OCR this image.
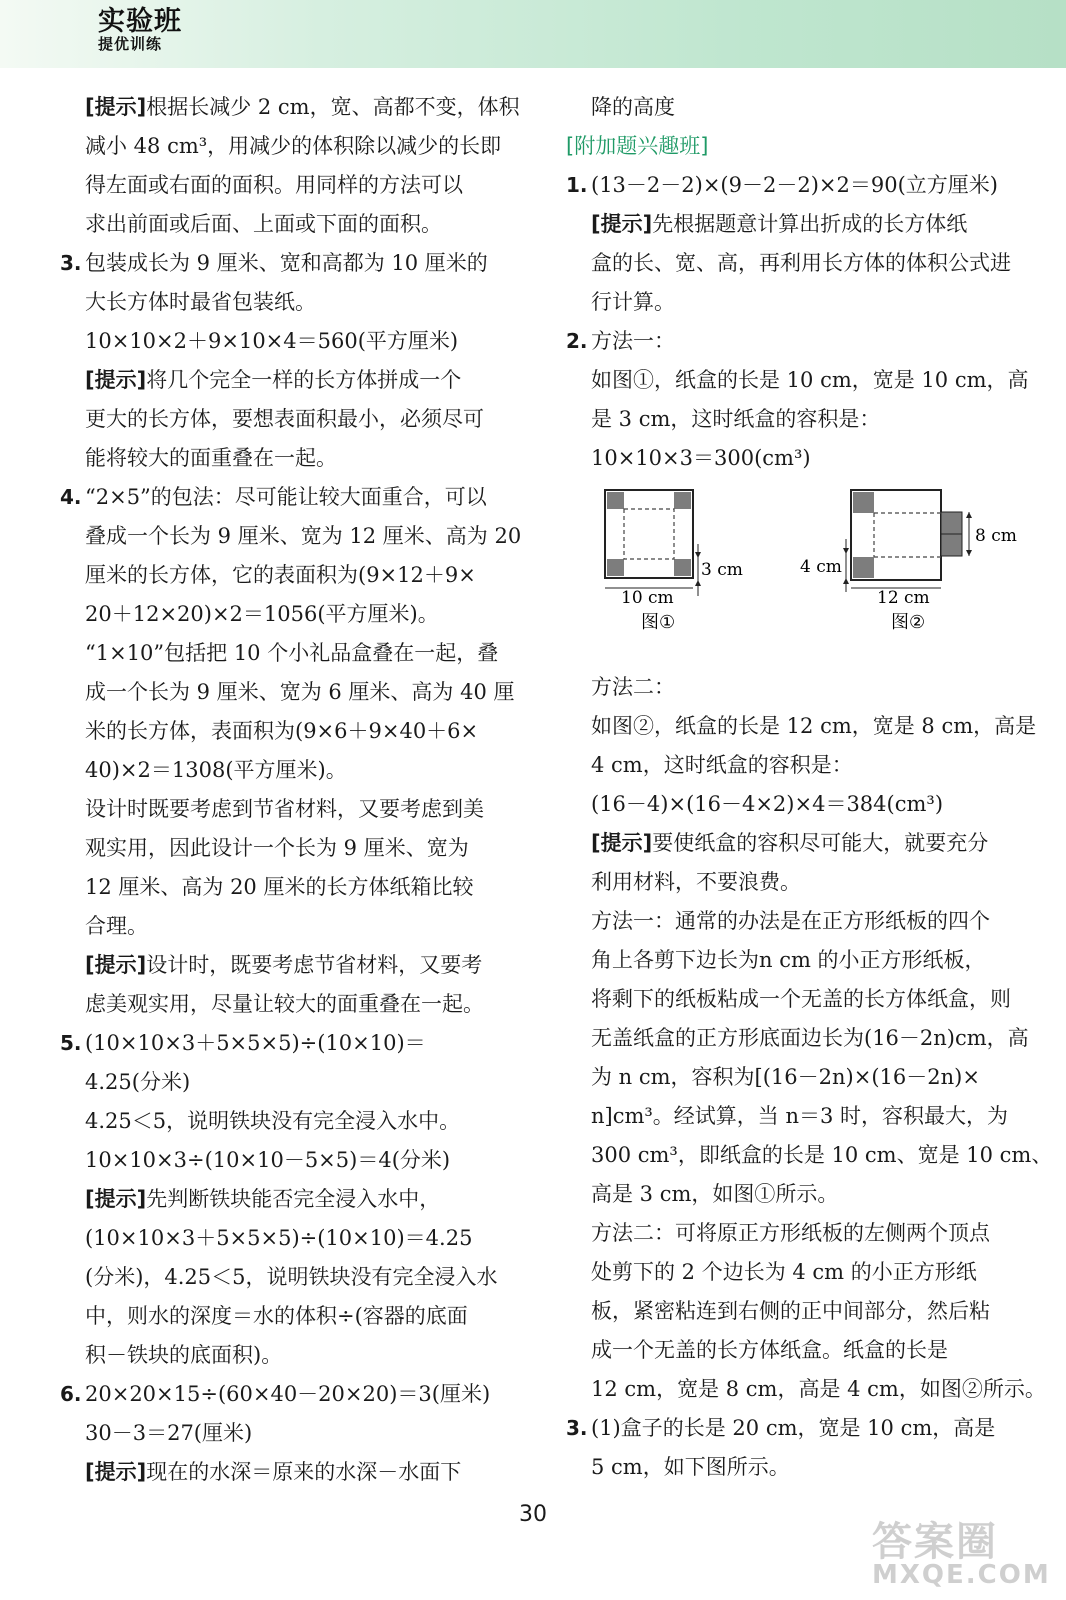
实验班
提优训练
[提示]根据长减少 2 cm，宽、高都不变，体积
减小 48 cm³，用减少的体积除以减少的长即
得左面或右面的面积。用同样的方法可以
求出前面或后面、上面或下面的面积。
3. 包装成长为 9 厘米、宽和高都为 10 厘米的
大长方体时最省包装纸。
10×10×2＋9×10×4＝560(平方厘米)
[提示]将几个完全一样的长方体拼成一个
更大的长方体，要想表面积最小，必须尽可
能将较大的面重叠在一起。
4. “2×5”的包法：尽可能让较大面重合，可以
叠成一个长为 9 厘米、宽为 12 厘米、高为 20
厘米的长方体，它的表面积为(9×12＋9×
20＋12×20)×2＝1056(平方厘米)。
“1×10”包括把 10 个小礼品盒叠在一起，叠
成一个长为 9 厘米、宽为 6 厘米、高为 40 厘
米的长方体，表面积为(9×6＋9×40＋6×
40)×2＝1308(平方厘米)。
设计时既要考虑到节省材料，又要考虑到美
观实用，因此设计一个长为 9 厘米、宽为
12 厘米、高为 20 厘米的长方体纸箱比较
合理。
[提示]设计时，既要考虑节省材料，又要考
虑美观实用，尽量让较大的面重叠在一起。
5. (10×10×3＋5×5×5)÷(10×10)＝
4.25(分米)
4.25＜5，说明铁块没有完全浸入水中。
10×10×3÷(10×10－5×5)＝4(分米)
[提示]先判断铁块能否完全浸入水中，
(10×10×3＋5×5×5)÷(10×10)＝4.25
(分米)，4.25＜5，说明铁块没有完全浸入水
中，则水的深度＝水的体积÷(容器的底面
积－铁块的底面积)。
6. 20×20×15÷(60×40－20×20)＝3(厘米)
30－3＝27(厘米)
[提示]现在的水深＝原来的水深－水面下
降的高度
[附加题兴趣班]
1. (13－2－2)×(9－2－2)×2＝90(立方厘米)
[提示]先根据题意计算出折成的长方体纸
盒的长、宽、高，再利用长方体的体积公式进
行计算。
2. 方法一：
如图①，纸盒的长是 10 cm，宽是 10 cm，高
是 3 cm，这时纸盒的容积是：
10×10×3＝300(cm³)
3 cm
10 cm
图①
8 cm
4 cm
12 cm
图②
方法二：
如图②，纸盒的长是 12 cm，宽是 8 cm，高是
4 cm，这时纸盒的容积是：
(16－4)×(16－4×2)×4＝384(cm³)
[提示]要使纸盒的容积尽可能大，就要充分
利用材料，不要浪费。
方法一：通常的办法是在正方形纸板的四个
角上各剪下边长为n cm 的小正方形纸板，
将剩下的纸板粘成一个无盖的长方体纸盒，则
无盖纸盒的正方形底面边长为(16－2n)cm，高
为 n cm，容积为[(16－2n)×(16－2n)×
n]cm³。经试算，当 n＝3 时，容积最大，为
300 cm³，即纸盒的长是 10 cm、宽是 10 cm、
高是 3 cm，如图①所示。
方法二：可将原正方形纸板的左侧两个顶点
处剪下的 2 个边长为 4 cm 的小正方形纸
板，紧密粘连到右侧的正中间部分，然后粘
成一个无盖的长方体纸盒。纸盒的长是
12 cm，宽是 8 cm，高是 4 cm，如图②所示。
3. (1)盒子的长是 20 cm，宽是 10 cm，高是
5 cm，如下图所示。
30
答案圈
MXQE.COM
